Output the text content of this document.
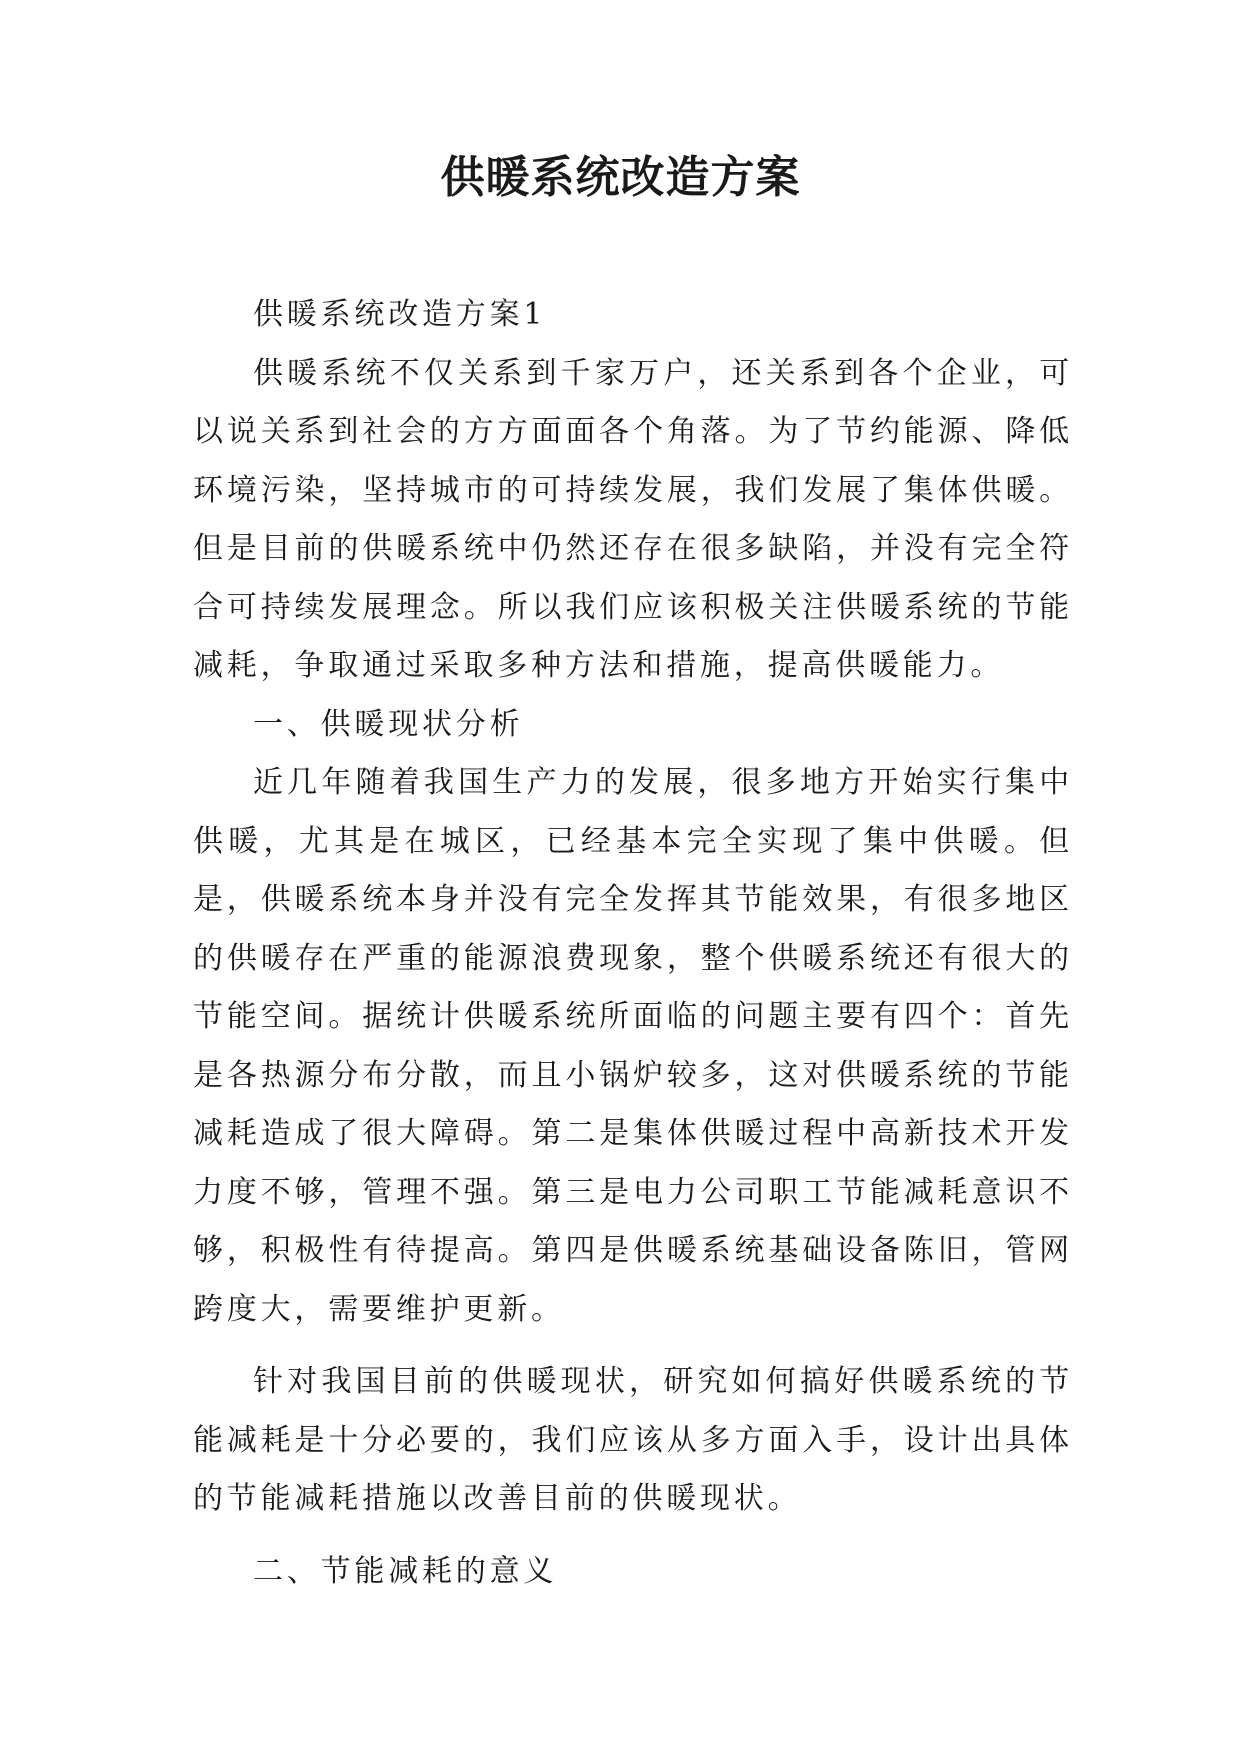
供暖系统改造方案

供暖系统改造方案1

供暖系统不仅关系到千家万户，还关系到各个企业，可以说关系到社会的方方面面各个角落。为了节约能源、降低环境污染，坚持城市的可持续发展，我们发展了集体供暖。但是目前的供暖系统中仍然还存在很多缺陷，并没有完全符合可持续发展理念。所以我们应该积极关注供暖系统的节能减耗，争取通过采取多种方法和措施，提高供暖能力。

一、供暖现状分析

近几年随着我国生产力的发展，很多地方开始实行集中供暖，尤其是在城区，已经基本完全实现了集中供暖。但是，供暖系统本身并没有完全发挥其节能效果，有很多地区的供暖存在严重的能源浪费现象，整个供暖系统还有很大的节能空间。据统计供暖系统所面临的问题主要有四个：首先是各热源分布分散，而且小锅炉较多，这对供暖系统的节能减耗造成了很大障碍。第二是集体供暖过程中高新技术开发力度不够，管理不强。第三是电力公司职工节能减耗意识不够，积极性有待提高。第四是供暖系统基础设备陈旧，管网跨度大，需要维护更新。

针对我国目前的供暖现状，研究如何搞好供暖系统的节能减耗是十分必要的，我们应该从多方面入手，设计出具体的节能减耗措施以改善目前的供暖现状。

二、节能减耗的意义
